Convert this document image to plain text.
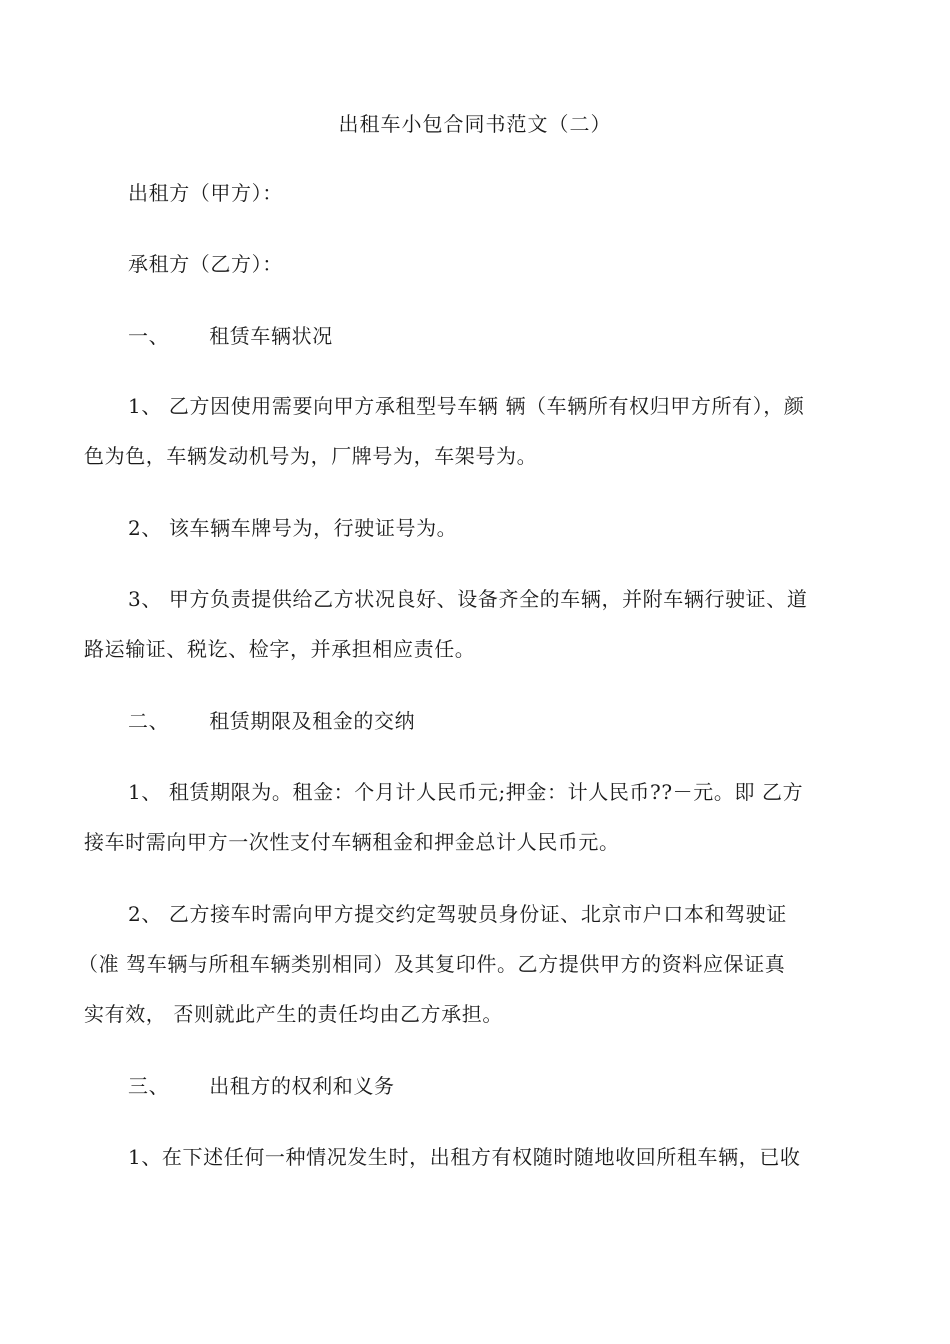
出租车小包合同书范文（二）
出租方（甲方）：
承租方（乙方）：
一、 租赁车辆状况
1、 乙方因使用需要向甲方承租型号车辆 辆（车辆所有权归甲方所有），颜
色为色，车辆发动机号为，厂牌号为，车架号为。
2、 该车辆车牌号为，行驶证号为。
3、 甲方负责提供给乙方状况良好、设备齐全的车辆，并附车辆行驶证、道
路运输证、税讫、检字，并承担相应责任。
二、 租赁期限及租金的交纳
1、 租赁期限为。租金：个月计人民币元;押金：计人民币??－元。即 乙方
接车时需向甲方一次性支付车辆租金和押金总计人民币元。
2、 乙方接车时需向甲方提交约定驾驶员身份证、北京市户口本和驾驶证
（准 驾车辆与所租车辆类别相同）及其复印件。乙方提供甲方的资料应保证真
实有效， 否则就此产生的责任均由乙方承担。
三、 出租方的权利和义务
1、在下述任何一种情况发生时，出租方有权随时随地收回所租车辆，已收
